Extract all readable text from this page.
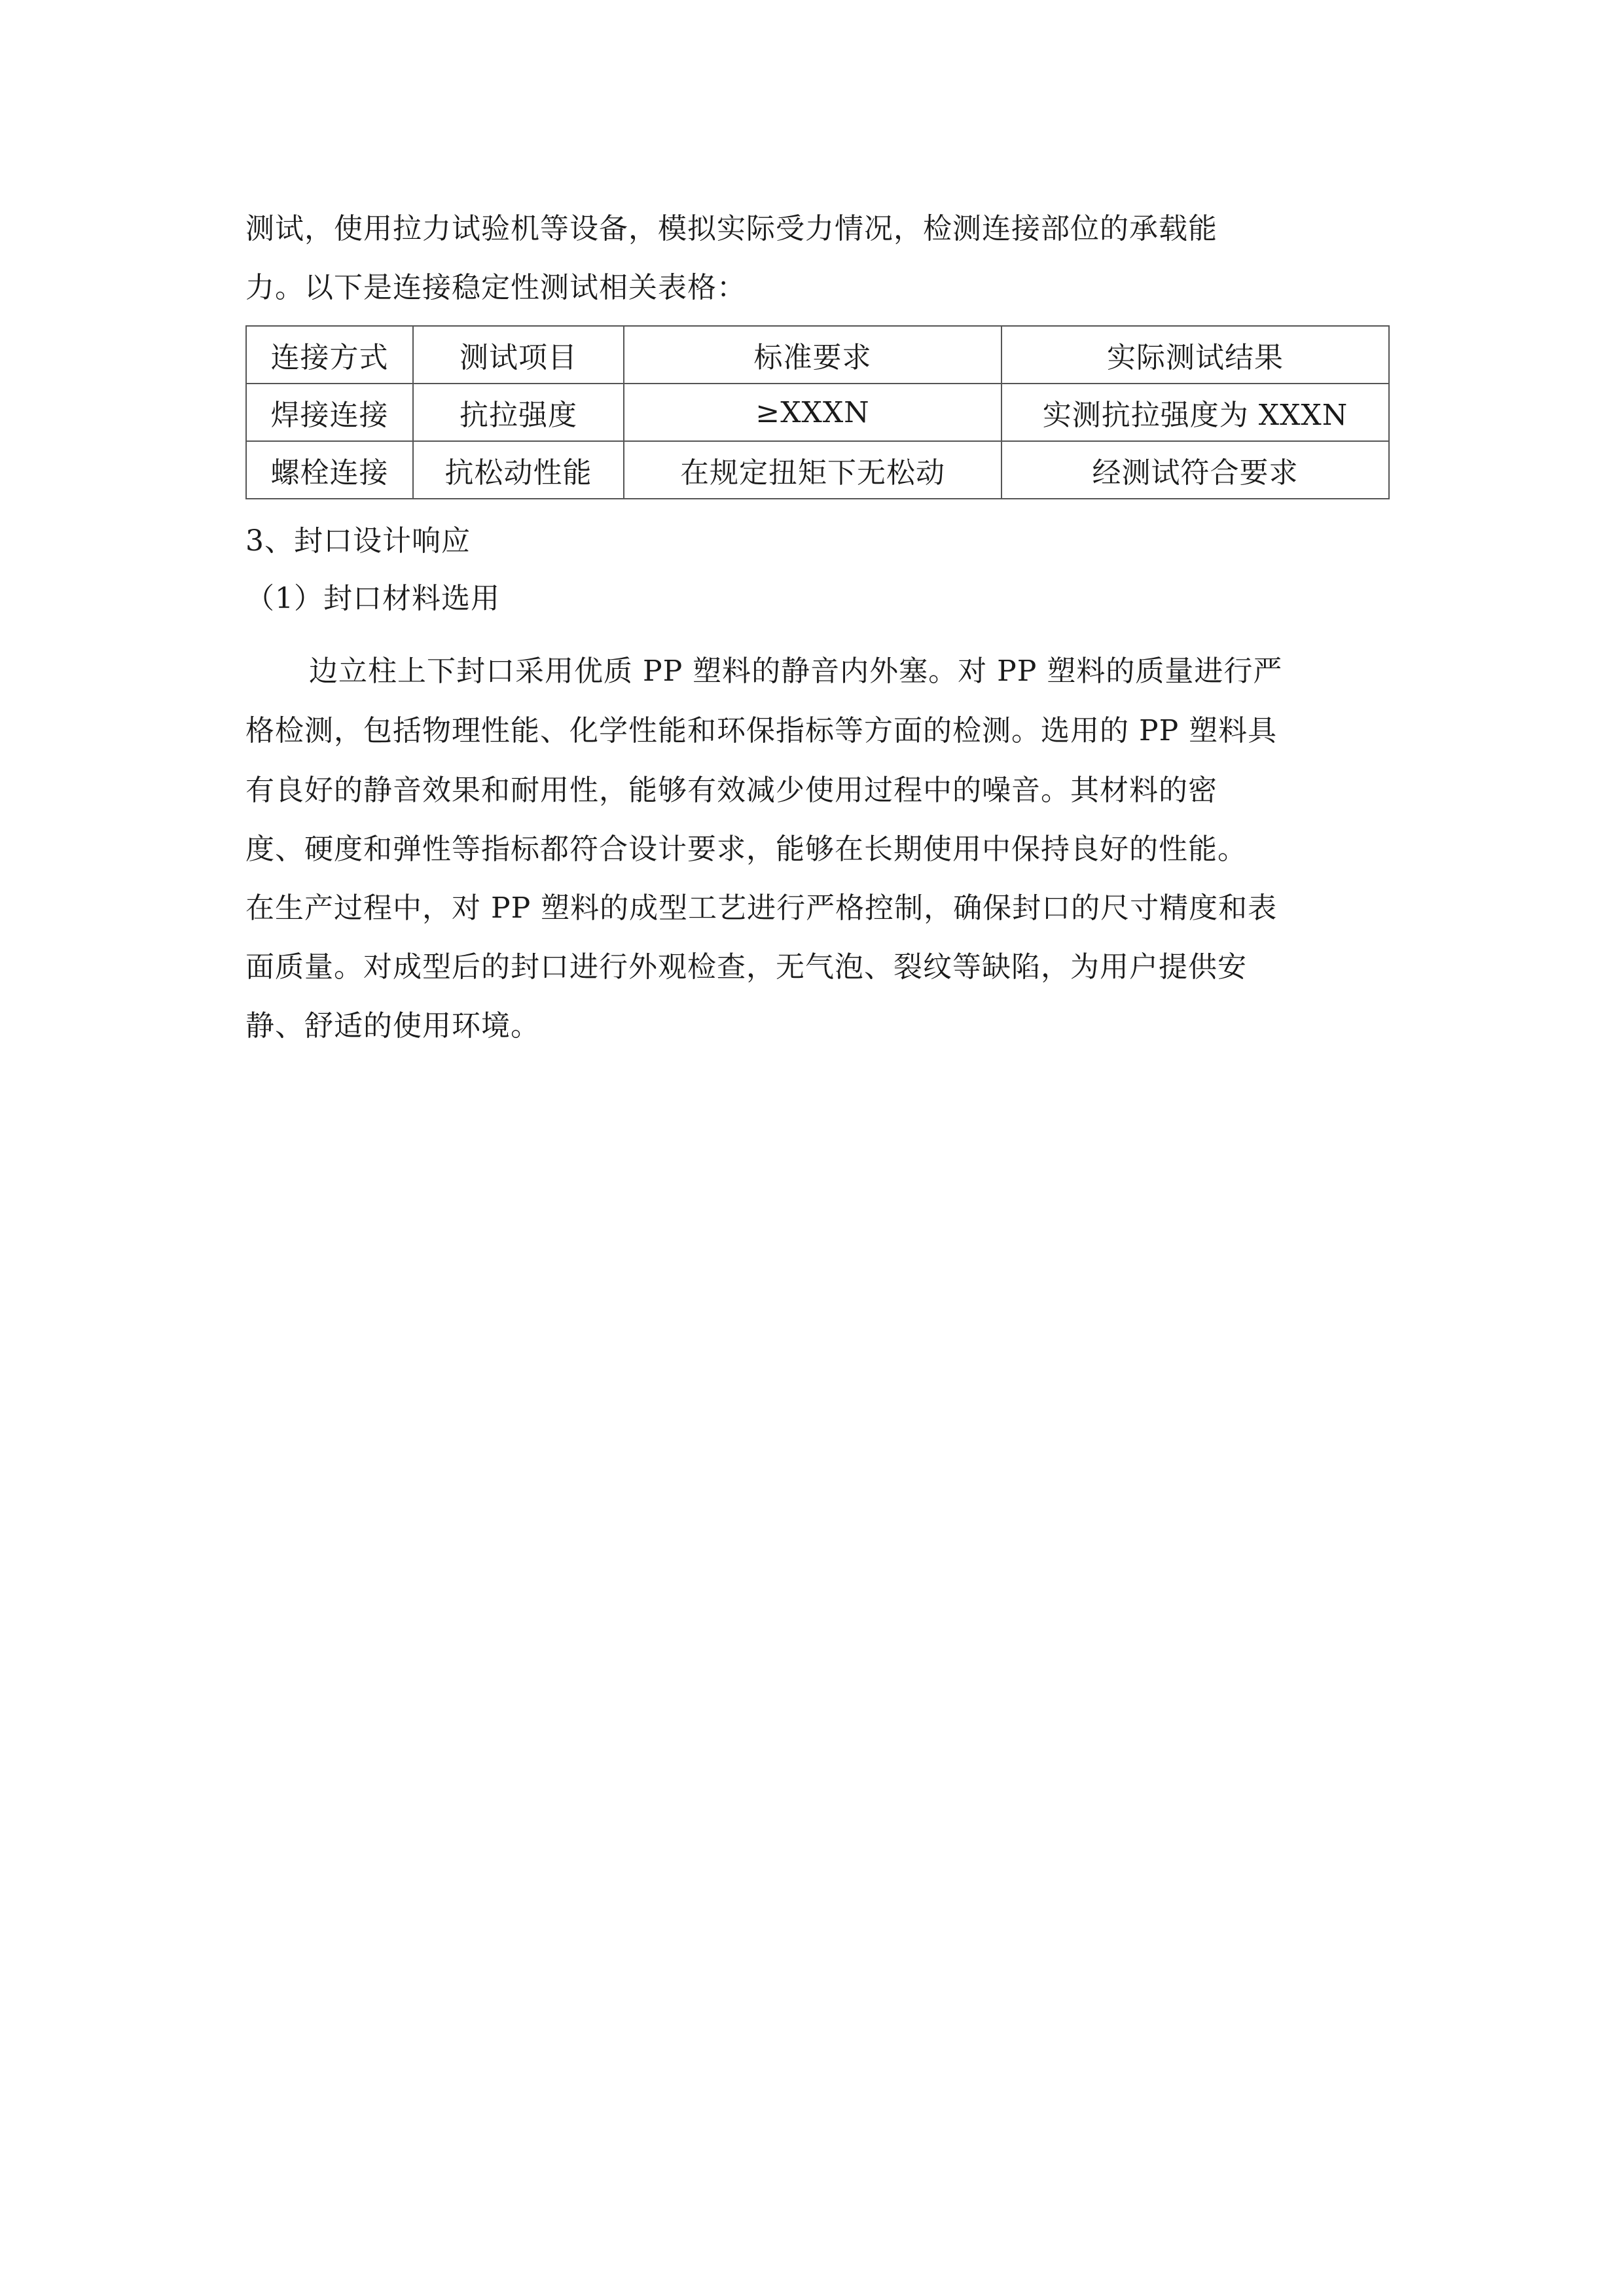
测试，使用拉力试验机等设备，模拟实际受力情况，检测连接部位的承载能
力。以下是连接稳定性测试相关表格：
连接方式	测试项目	标准要求	实际测试结果
焊接连接	抗拉强度	≥XXXN	实测抗拉强度为 XXXN
螺栓连接	抗松动性能	在规定扭矩下无松动	经测试符合要求
3、封口设计响应
（1）封口材料选用
边立柱上下封口采用优质 PP 塑料的静音内外塞。对 PP 塑料的质量进行严
格检测，包括物理性能、化学性能和环保指标等方面的检测。选用的 PP 塑料具
有良好的静音效果和耐用性，能够有效减少使用过程中的噪音。其材料的密
度、硬度和弹性等指标都符合设计要求，能够在长期使用中保持良好的性能。
在生产过程中，对 PP 塑料的成型工艺进行严格控制，确保封口的尺寸精度和表
面质量。对成型后的封口进行外观检查，无气泡、裂纹等缺陷，为用户提供安
静、舒适的使用环境。
